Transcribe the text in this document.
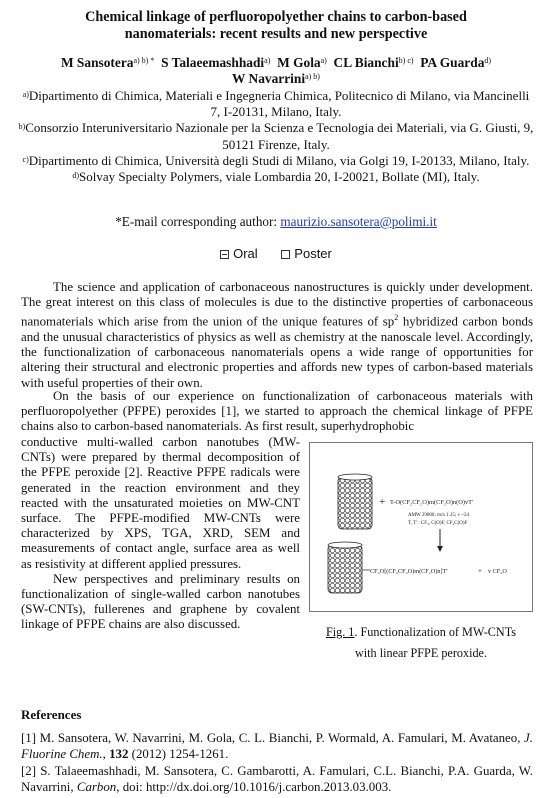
Chemical linkage of perfluoropolyether chains to carbon-based
nanomaterials: recent results and new perspective
M Sansotera$^{a) b) *}$ S Talaeemashhadi$^{a)}$ M Gola$^{a)}$ CL Bianchi$^{b) c)}$ PA Guarda$^{d)}$
W Navarrini$^{a) b)}$
$^{a)}$Dipartimento di Chimica, Materiali e Ingegneria Chimica, Politecnico di Milano, via Mancinelli 7, I-20131, Milano, Italy.
$^{b)}$Consorzio Interuniversitario Nazionale per la Scienza e Tecnologia dei Materiali, via G. Giusti, 9, 50121 Firenze, Italy.
$^{c)}$Dipartimento di Chimica, Università degli Studi di Milano, via Golgi 19, I-20133, Milano, Italy.
$^{d)}$Solvay Specialty Polymers, viale Lombardia 20, I-20021, Bollate (MI), Italy.
*E-mail corresponding author: maurizio.sansotera@polimi.it
Oral	Poster

The science and application of carbonaceous nanostructures is quickly under development. The great interest on this class of molecules is due to the distinctive properties of carbonaceous nanomaterials which arise from the union of the unique features of $sp^2$ hybridized carbon bonds and the unusual characteristics of physics as well as chemistry at the nanoscale level. Accordingly, the functionalization of carbonaceous nanomaterials opens a wide range of opportunities for altering their structural and electronic properties and affords new types of carbon-based materials with useful properties of their own.

On the basis of our experience on functionalization of carbonaceous materials with perfluoropolyether (PFPE) peroxides [1], we started to approach the chemical linkage of PFPE chains also to carbon-based nanomaterials. As first result, superhydrophobic

conductive multi-walled carbon nanotubes (MW-CNTs) were prepared by thermal decomposition of the PFPE peroxide [2]. Reactive PFPE radicals were generated in the reaction environment and they reacted with the unsaturated moieties on MW-CNT surface. The PFPE-modified MW-CNTs were characterized by XPS, TGA, XRD, SEM and measurements of contact angle, surface area as well as resistivity at different applied pressures.

New perspectives and preliminary results on functionalization of single-walled carbon nanotubes (SW-CNTs), fullerenes and graphene by covalent linkage of PFPE chains are also discussed.

+ T-O(CF₂CF₂O)m(CF₂O)n(O)vT'
AMW 29000; m/n 1.15; v ~24
T, T' : CF₃, C(O)F, CF₂C(O)F
CF₂O[(CF₂CF₂O)m(CF₂O)n]T'	+ v CF₂O
Fig. 1. Functionalization of MW-CNTs
with linear PFPE peroxide.
References
[1] M. Sansotera, W. Navarrini, M. Gola, C. L. Bianchi, P. Wormald, A. Famulari, M. Avataneo, J. Fluorine Chem., 132 (2012) 1254-1261.
[2] S. Talaeemashhadi, M. Sansotera, C. Gambarotti, A. Famulari, C.L. Bianchi, P.A. Guarda, W. Navarrini, Carbon, doi: http://dx.doi.org/10.1016/j.carbon.2013.03.003.
